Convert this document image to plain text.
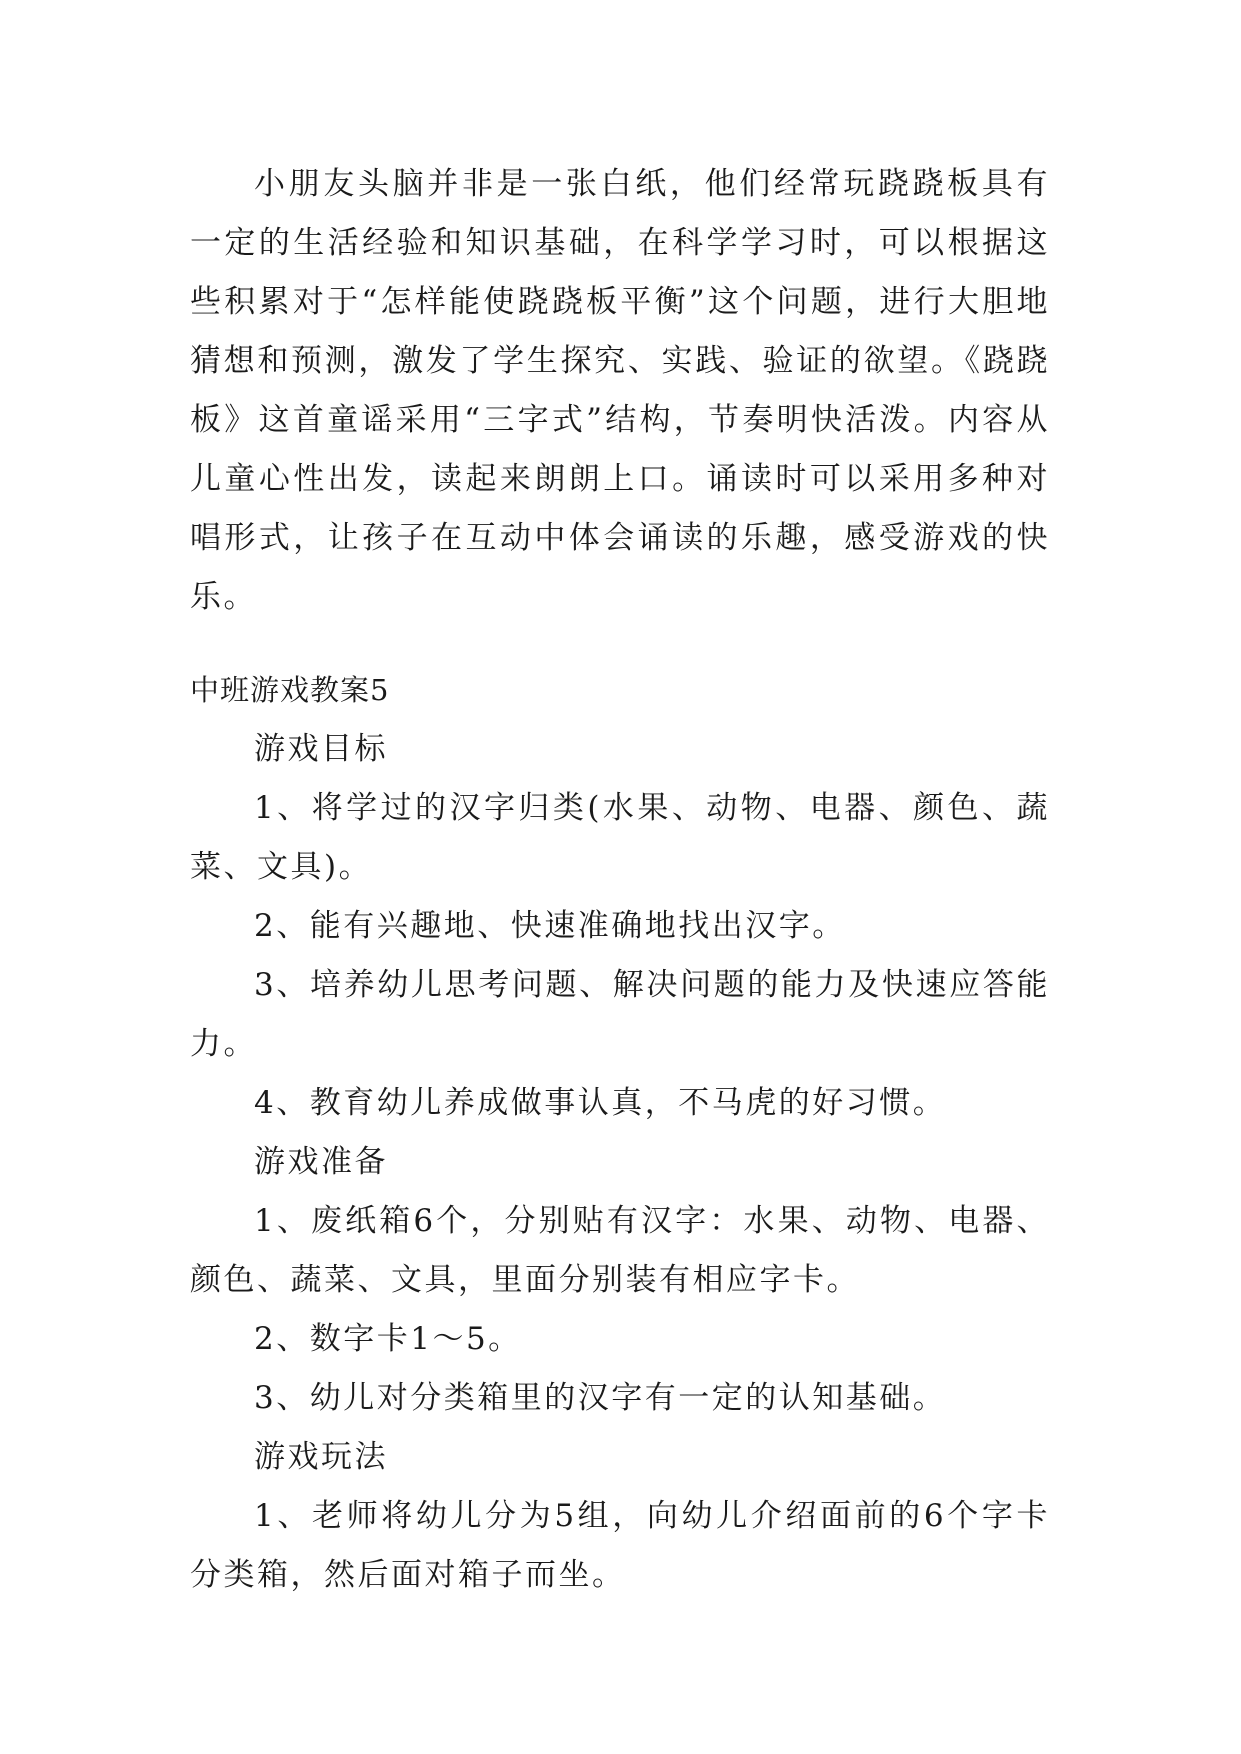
小朋友头脑并非是一张白纸，他们经常玩跷跷板具有一定的生活经验和知识基础，在科学学习时，可以根据这些积累对于“怎样能使跷跷板平衡”这个问题，进行大胆地猜想和预测，激发了学生探究、实践、验证的欲望。《跷跷板》这首童谣采用“三字式”结构，节奏明快活泼。内容从儿童心性出发，读起来朗朗上口。诵读时可以采用多种对唱形式，让孩子在互动中体会诵读的乐趣，感受游戏的快乐。

中班游戏教案5

游戏目标

1、将学过的汉字归类(水果、动物、电器、颜色、蔬菜、文具)。

2、能有兴趣地、快速准确地找出汉字。

3、培养幼儿思考问题、解决问题的能力及快速应答能力。

4、教育幼儿养成做事认真，不马虎的好习惯。

游戏准备

1、废纸箱6个，分别贴有汉字：水果、动物、电器、颜色、蔬菜、文具，里面分别装有相应字卡。

2、数字卡1～5。

3、幼儿对分类箱里的汉字有一定的认知基础。

游戏玩法

1、老师将幼儿分为5组，向幼儿介绍面前的6个字卡分类箱，然后面对箱子而坐。
